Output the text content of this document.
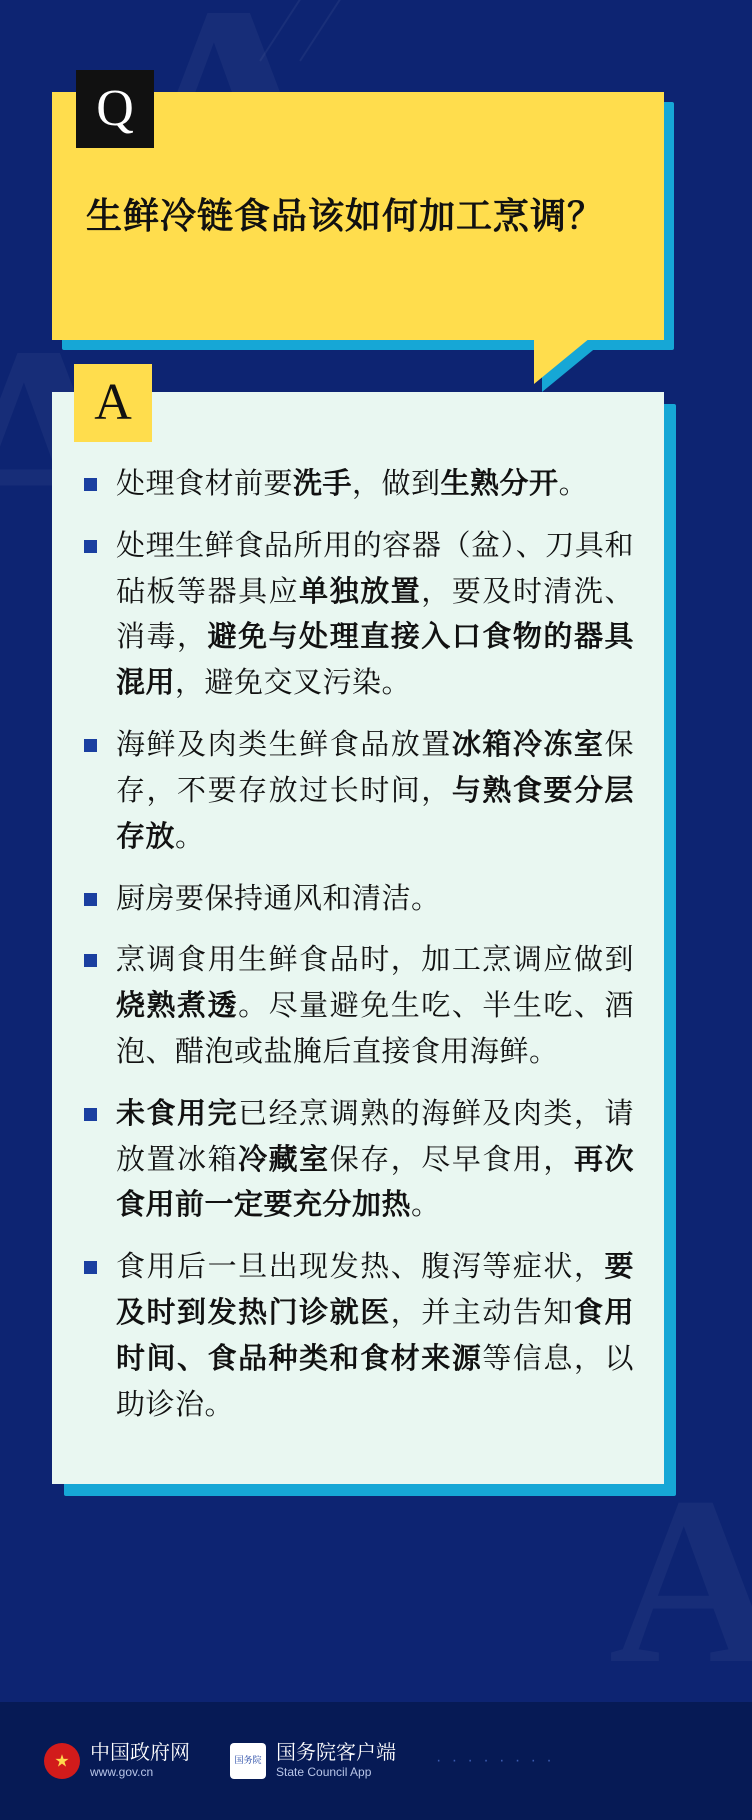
Q
生鲜冷链食品该如何加工烹调？
A
处理食材前要洗手，做到生熟分开。
处理生鲜食品所用的容器（盆）、刀具和砧板等器具应单独放置，要及时清洗、消毒，避免与处理直接入口食物的器具混用，避免交叉污染。
海鲜及肉类生鲜食品放置冰箱冷冻室保存，不要存放过长时间，与熟食要分层存放。
厨房要保持通风和清洁。
烹调食用生鲜食品时，加工烹调应做到烧熟煮透。尽量避免生吃、半生吃、酒泡、醋泡或盐腌后直接食用海鲜。
未食用完已经烹调熟的海鲜及肉类，请放置冰箱冷藏室保存，尽早食用，再次食用前一定要充分加热。
食用后一旦出现发热、腹泻等症状，要及时到发热门诊就医，并主动告知食用时间、食品种类和食材来源等信息，以助诊治。
★
中国政府网
www.gov.cn
国务院
国务院客户端
State Council App
· · · · · · · ·
